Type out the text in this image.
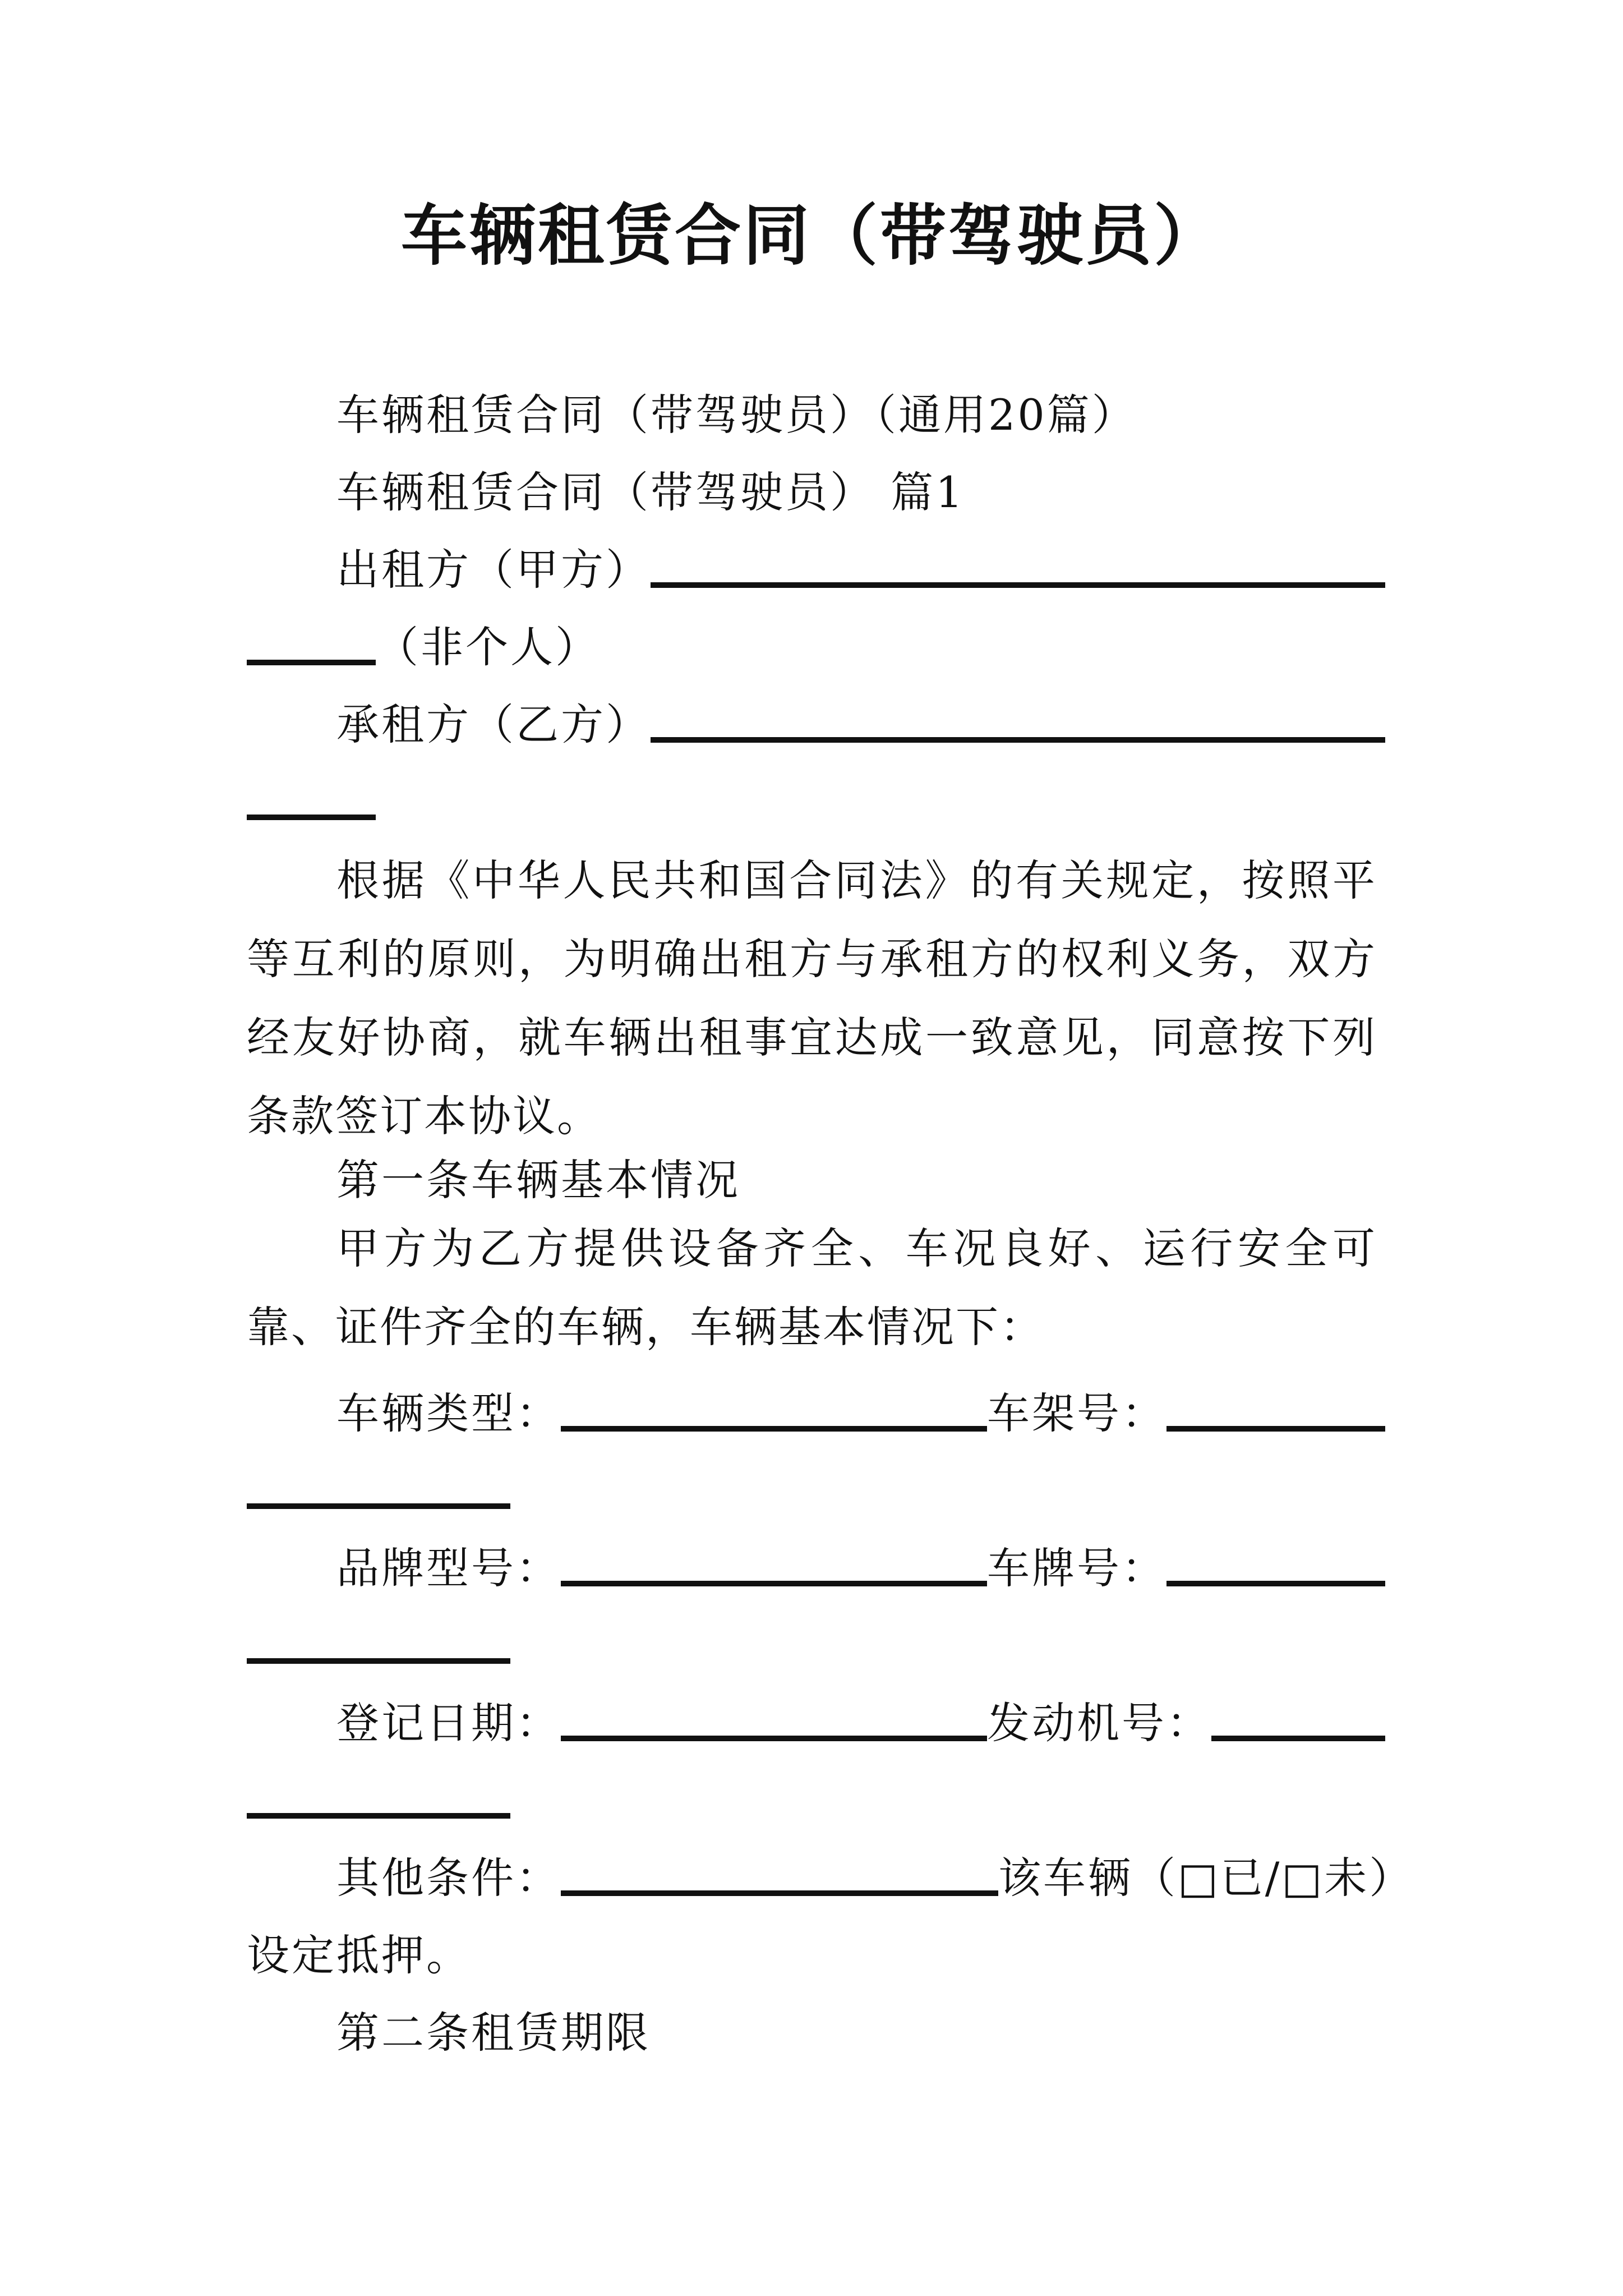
车辆租赁合同（带驾驶员）
车辆租赁合同（带驾驶员）（通用20篇）
车辆租赁合同（带驾驶员） 篇1
出租方（甲方）
（非个人）
承租方（乙方）

根据《中华人民共和国合同法》的有关规定，按照平等互利的原则，为明确出租方与承租方的权利义务，双方经友好协商，就车辆出租事宜达成一致意见，同意按下列条款签订本协议。

第一条车辆基本情况

甲方为乙方提供设备齐全、车况良好、运行安全可靠、证件齐全的车辆，车辆基本情况下：

车辆类型：	车架号：
品牌型号：	车牌号：
登记日期：	发动机号：
其他条件：	该车辆（□已/□未）
设定抵押。
第二条租赁期限
